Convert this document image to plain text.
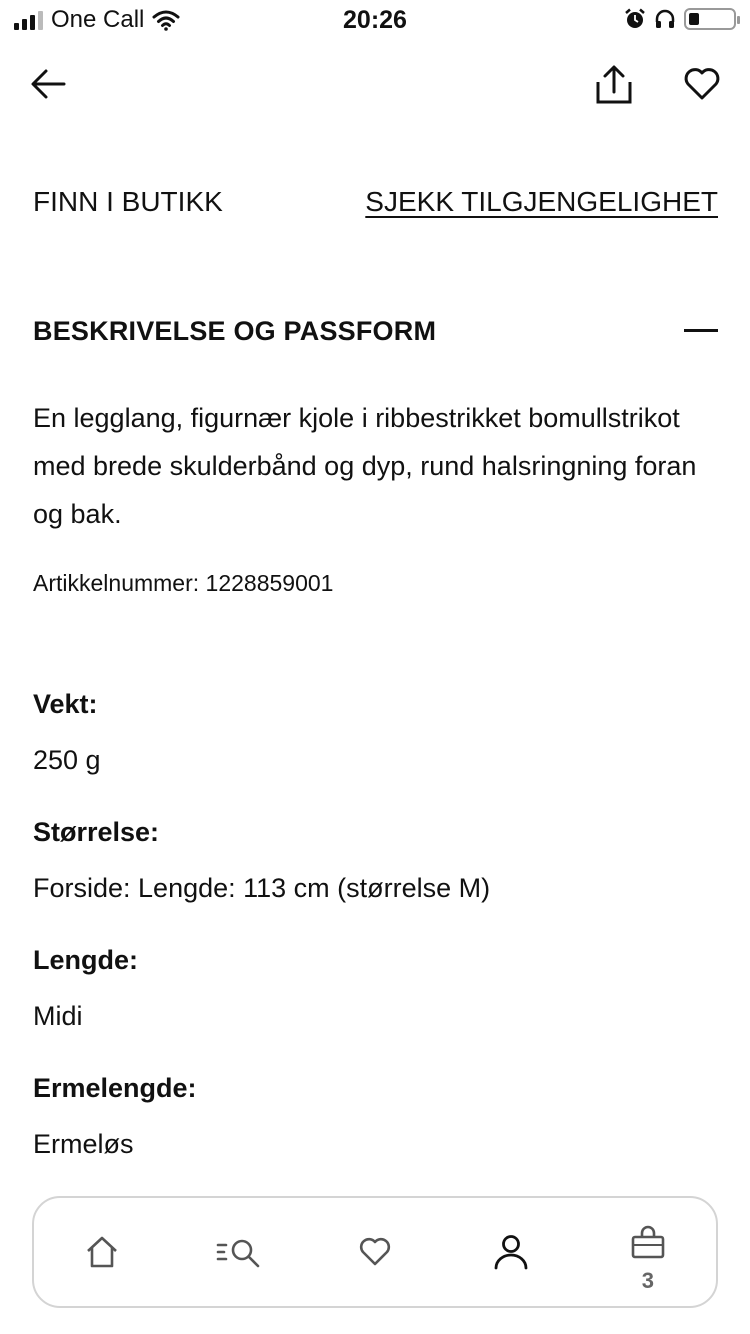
One Call	20:26
FINN I BUTIKK	SJEKK TILGJENGELIGHET
BESKRIVELSE OG PASSFORM

En legglang, figurnær kjole i ribbestrikket bomullstrikot med brede skulderbånd og dyp, rund halsringning foran og bak.

Artikkelnummer: 1228859001
Vekt:
250 g
Størrelse:
Forside: Lengde: 113 cm (størrelse M)
Lengde:
Midi
Ermelengde:
Ermeløs
3
